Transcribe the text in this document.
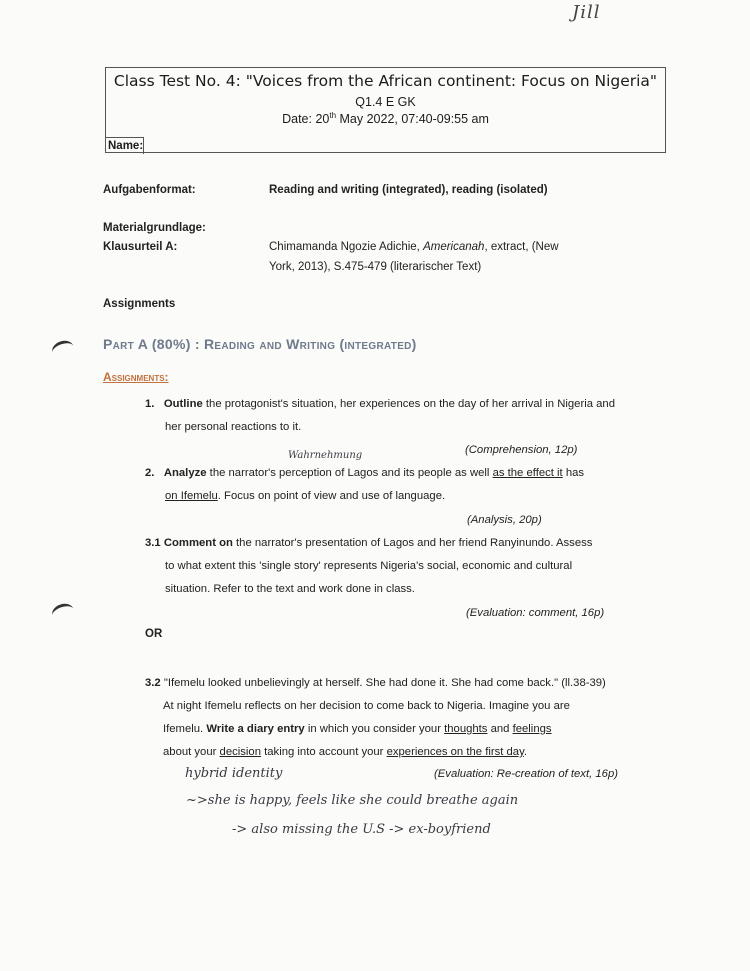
Jill
Class Test No. 4: "Voices from the African continent: Focus on Nigeria"
Q1.4 E GK
Date: 20th May 2022, 07:40-09:55 am
Name:
Aufgabenformat:	Reading and writing (integrated), reading (isolated)
Materialgrundlage:
Klausurteil A:	Chimamanda Ngozie Adichie, Americanah, extract, (New
York, 2013), S.475-479 (literarischer Text)
Assignments
Part A (80%) : Reading and Writing (integrated)
Assignments:
1. Outline the protagonist's situation, her experiences on the day of her arrival in Nigeria and
her personal reactions to it.
(Comprehension, 12p)
Wahrnehmung
2. Analyze the narrator's perception of Lagos and its people as well as the effect it has
on Ifemelu. Focus on point of view and use of language.
(Analysis, 20p)
3.1 Comment on the narrator's presentation of Lagos and her friend Ranyinundo. Assess
to what extent this 'single story' represents Nigeria's social, economic and cultural
situation. Refer to the text and work done in class.
(Evaluation: comment, 16p)
OR
3.2 "Ifemelu looked unbelievingly at herself. She had done it. She had come back." (ll.38-39)
At night Ifemelu reflects on her decision to come back to Nigeria. Imagine you are
Ifemelu. Write a diary entry in which you consider your thoughts and feelings
about your decision taking into account your experiences on the first day.
(Evaluation: Re-creation of text, 16p)
hybrid identity
~>she is happy, feels like she could breathe again
-> also missing the U.S -> ex-boyfriend
